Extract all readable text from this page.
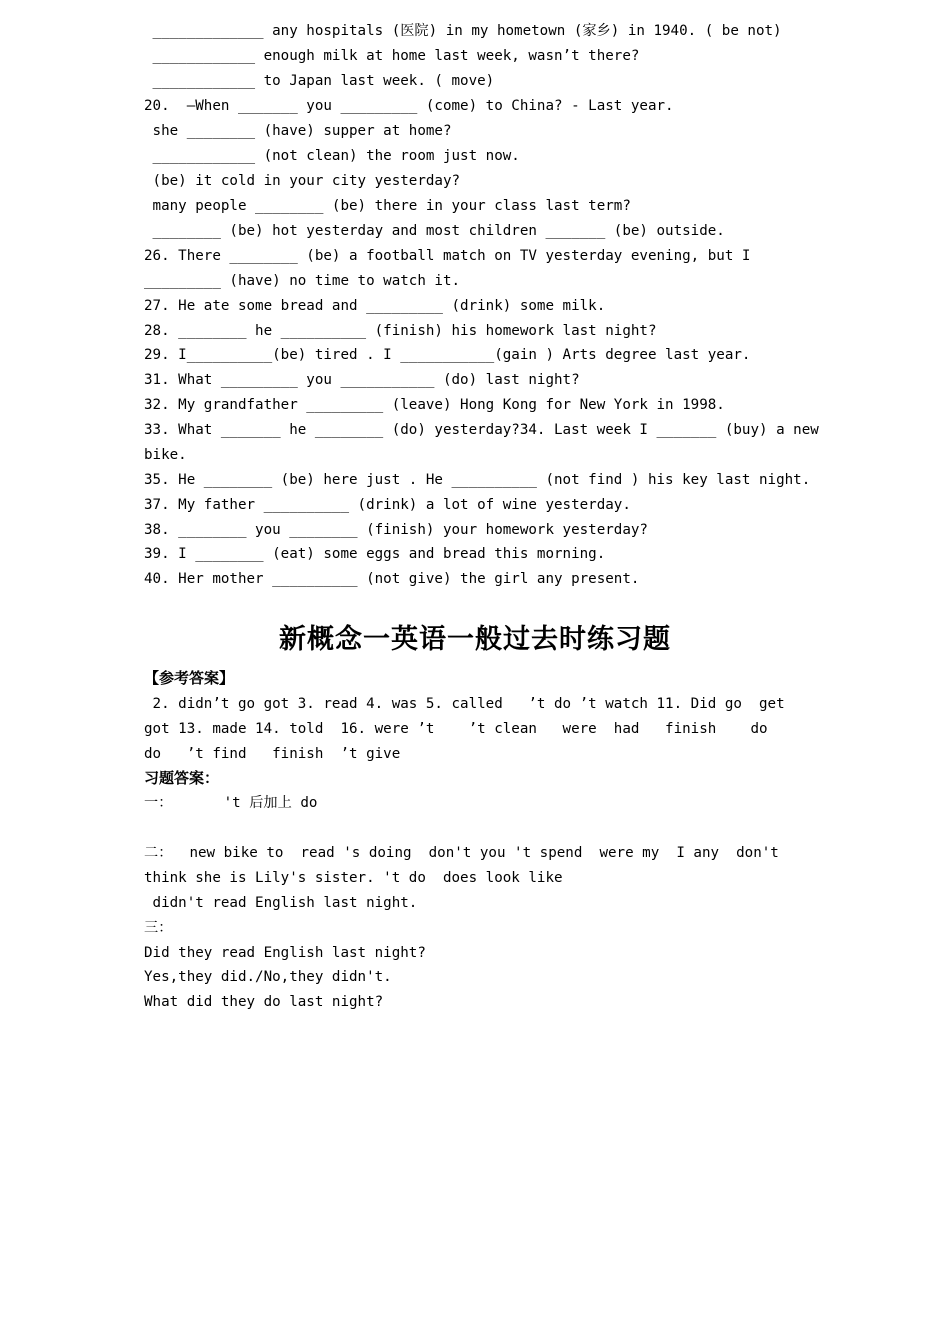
_____________ any hospitals (医院) in my hometown (家乡) in 1940. ( be not)
____________ enough milk at home last week, wasn’t there?
____________ to Japan last week. ( move)
20.  –When _______ you _________ (come) to China? - Last year.
she ________ (have) supper at home?
____________ (not clean) the room just now.
(be) it cold in your city yesterday?
many people ________ (be) there in your class last term?
________ (be) hot yesterday and most children _______ (be) outside.
26. There ________ (be) a football match on TV yesterday evening, but I
_________ (have) no time to watch it.
27. He ate some bread and _________ (drink) some milk.
28. ________ he __________ (finish) his homework last night?
29. I__________(be) tired . I ___________(gain ) Arts degree last year.
31. What _________ you ___________ (do) last night?
32. My grandfather _________ (leave) Hong Kong for New York in 1998.
33. What _______ he ________ (do) yesterday?34. Last week I _______ (buy) a new
bike.
35. He ________ (be) here just . He __________ (not find ) his key last night.
37. My father __________ (drink) a lot of wine yesterday.
38. ________ you ________ (finish) your homework yesterday?
39. I ________ (eat) some eggs and bread this morning.
40. Her mother __________ (not give) the girl any present.
新概念一英语一般过去时练习题
【参考答案】
2. didn’t go got 3. read 4. was 5. called   ’t do ’t watch 11. Did go  get
got 13. made 14. told  16. were ’t    ’t clean   were  had   finish    do
do   ’t find   finish  ’t give
习题答案：
一：      't 后加上 do
二：  new bike to  read 's doing  don't you 't spend  were my  I any  don't
think she is Lily's sister. 't do  does look like
didn't read English last night.
三：
Did they read English last night?
Yes,they did./No,they didn't.
What did they do last night?
